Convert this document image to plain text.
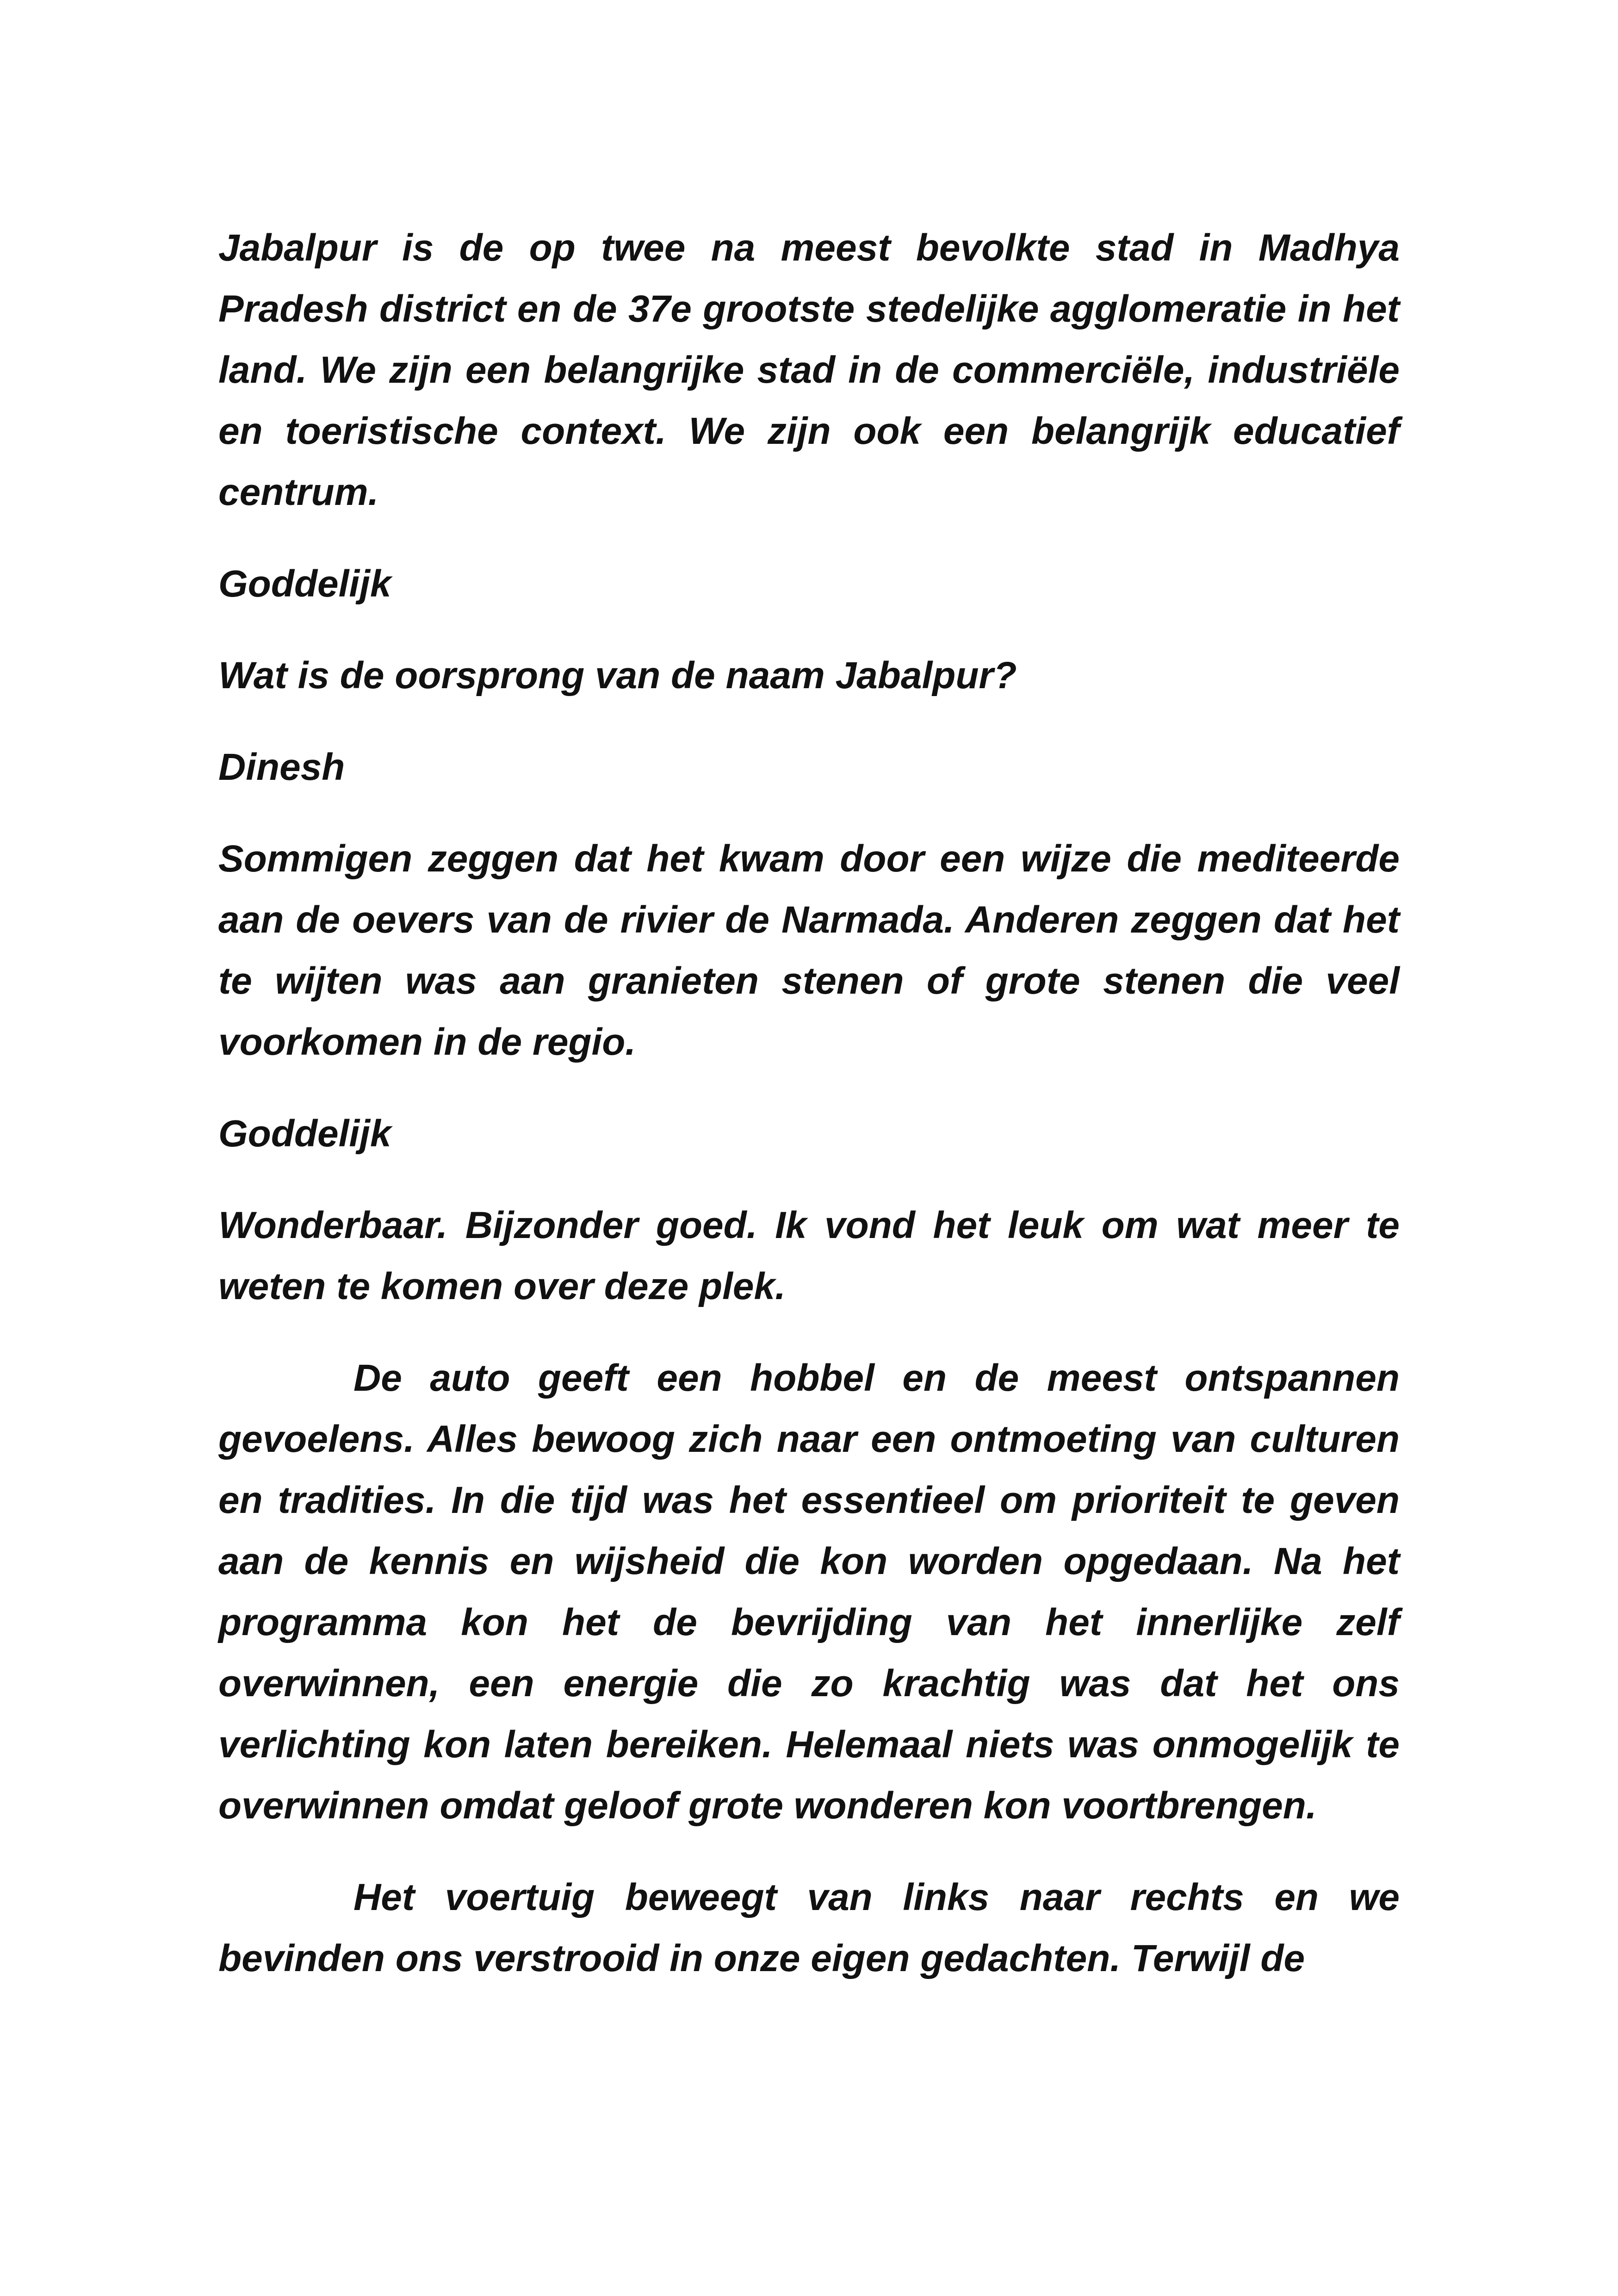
Jabalpur is de op twee na meest bevolkte stad in Madhya Pradesh district en de 37e grootste stedelijke agglomeratie in het land. We zijn een belangrijke stad in de commerciële, industriële en toeristische context. We zijn ook een belangrijk educatief centrum.

Goddelijk

Wat is de oorsprong van de naam Jabalpur?

Dinesh

Sommigen zeggen dat het kwam door een wijze die mediteerde aan de oevers van de rivier de Narmada. Anderen zeggen dat het te wijten was aan granieten stenen of grote stenen die veel voorkomen in de regio.

Goddelijk

Wonderbaar. Bijzonder goed. Ik vond het leuk om wat meer te weten te komen over deze plek.

De auto geeft een hobbel en de meest ontspannen gevoelens. Alles bewoog zich naar een ontmoeting van culturen en tradities. In die tijd was het essentieel om prioriteit te geven aan de kennis en wijsheid die kon worden opgedaan. Na het programma kon het de bevrijding van het innerlijke zelf overwinnen, een energie die zo krachtig was dat het ons verlichting kon laten bereiken. Helemaal niets was onmogelijk te overwinnen omdat geloof grote wonderen kon voortbrengen.

Het voertuig beweegt van links naar rechts en we bevinden ons verstrooid in onze eigen gedachten. Terwijl de
